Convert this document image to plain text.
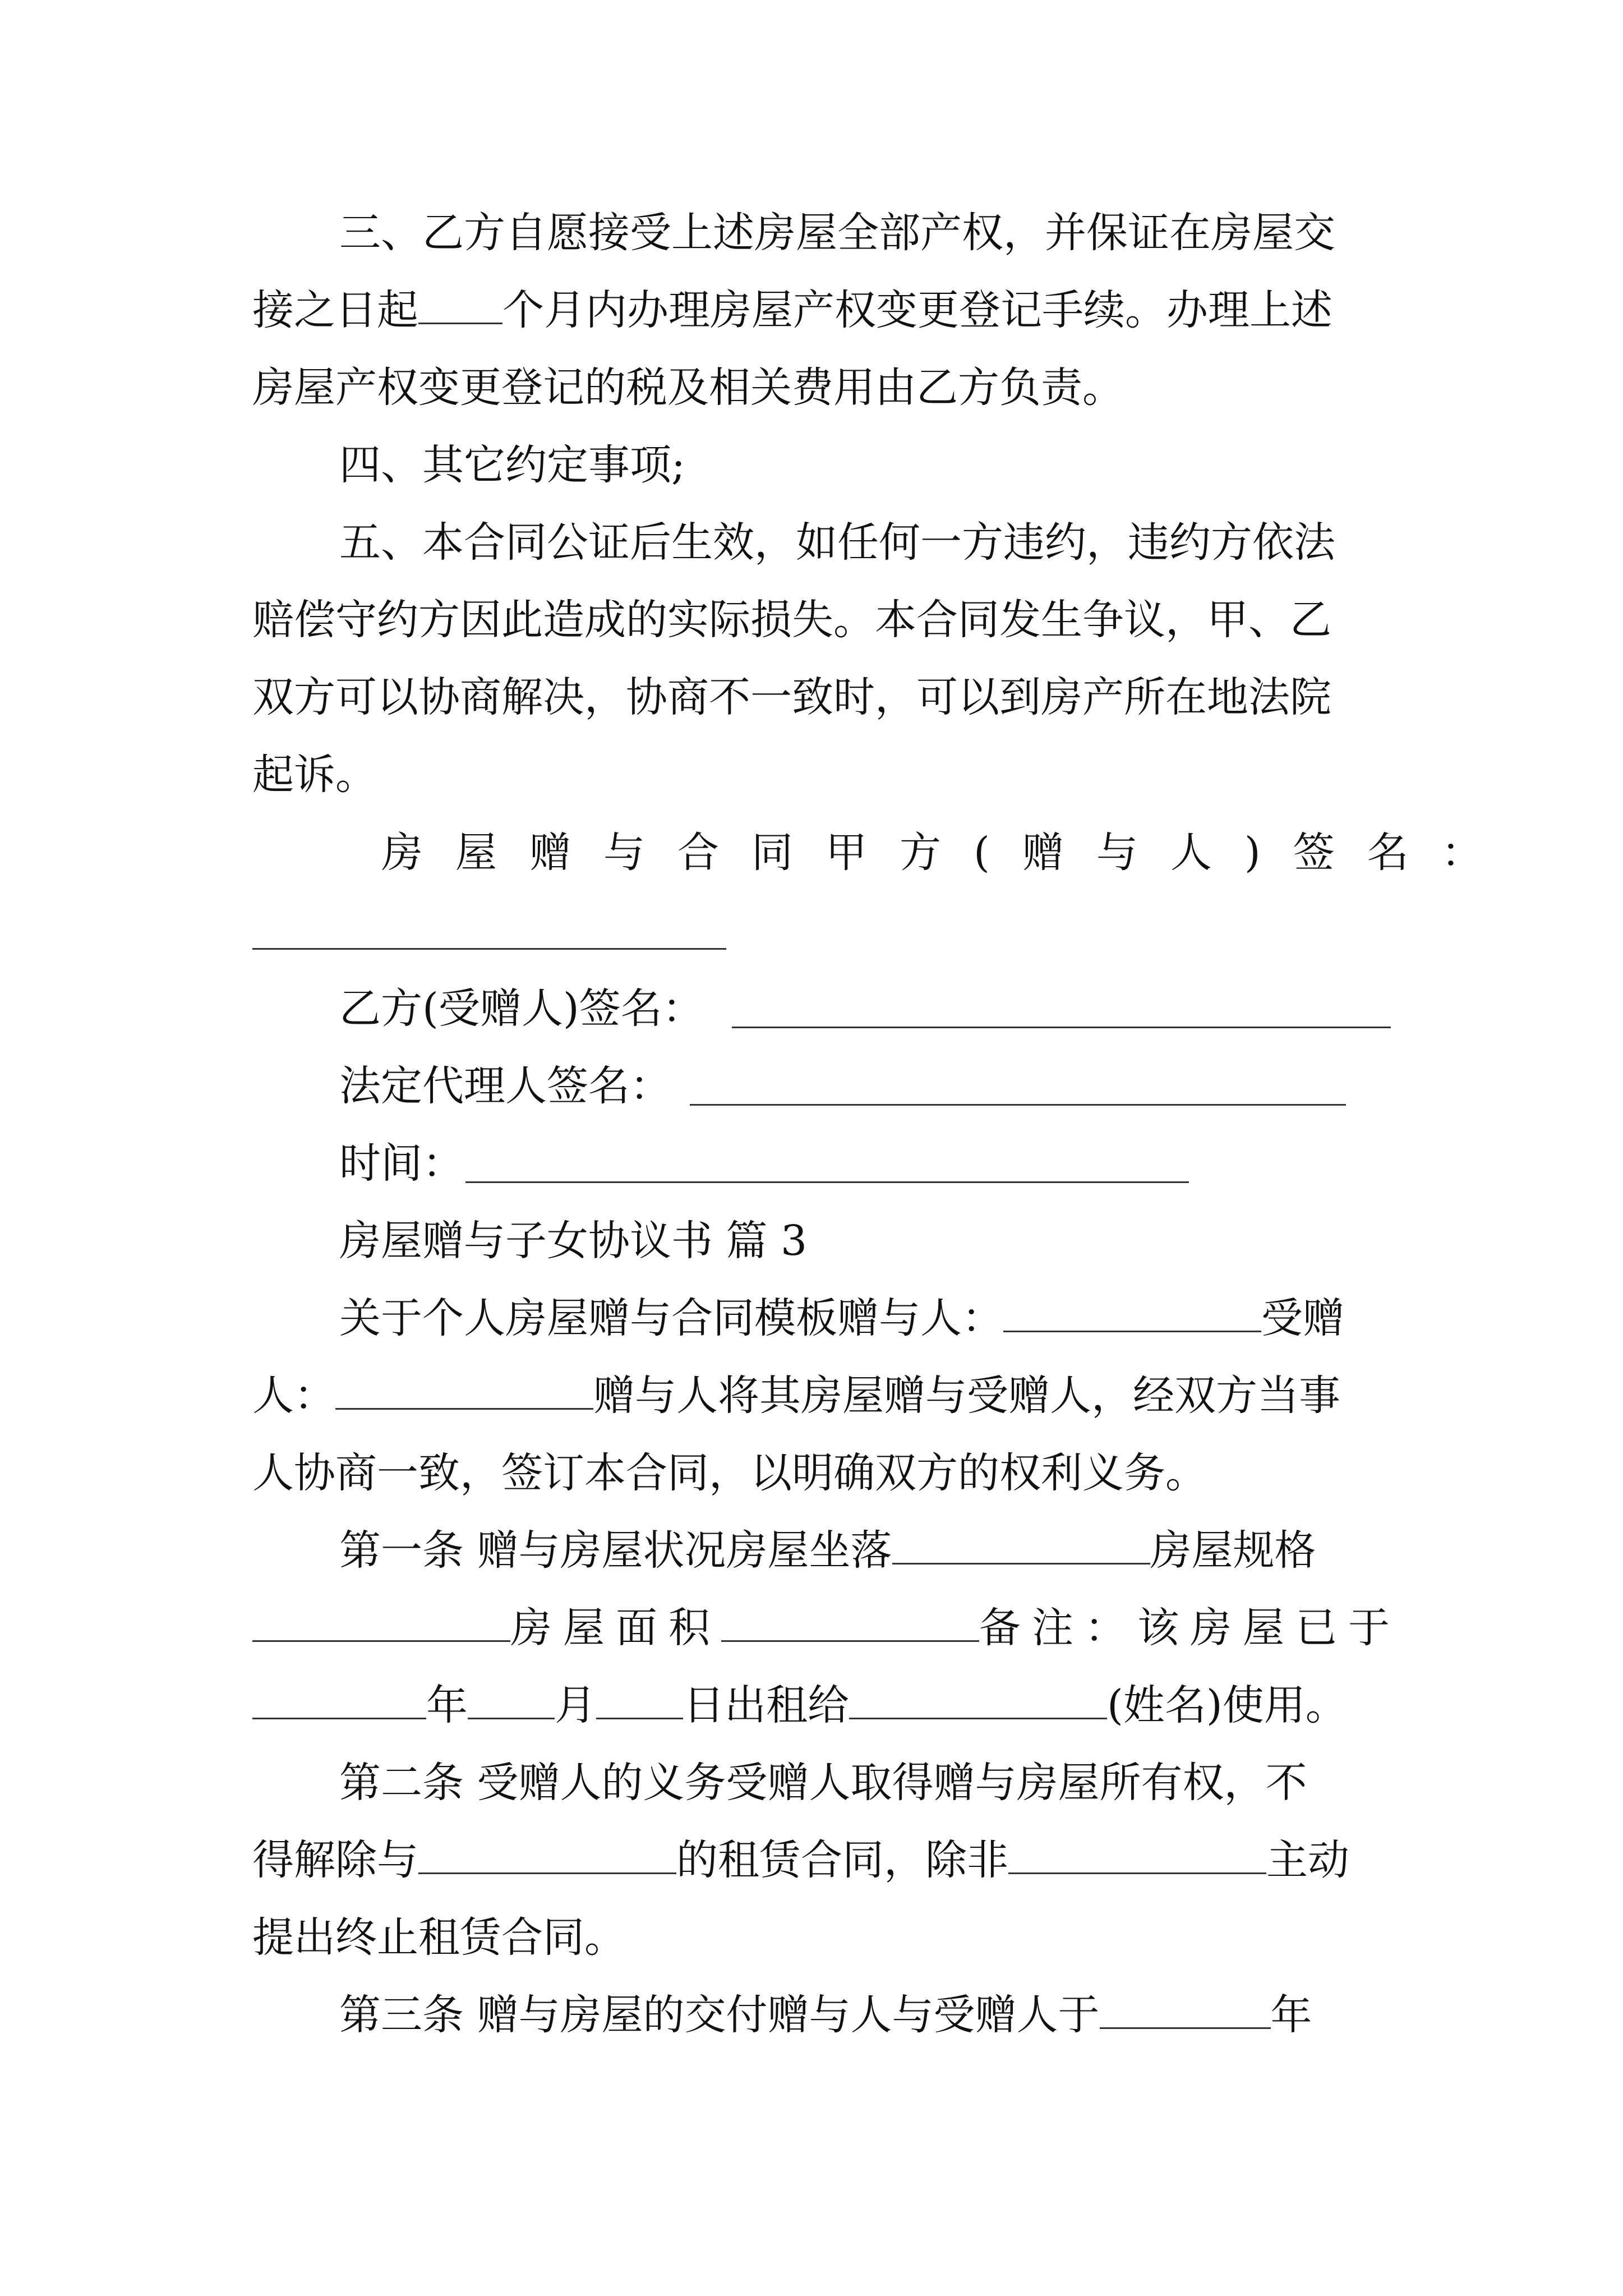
三、乙方自愿接受上述房屋全部产权，并保证在房屋交
接之日起 个月内办理房屋产权变更登记手续。办理上述
房屋产权变更登记的税及相关费用由乙方负责。
四、其它约定事项;
五、本合同公证后生效，如任何一方违约，违约方依法
赔偿守约方因此造成的实际损失。本合同发生争议，甲、乙
双方可以协商解决，协商不一致时，可以到房产所在地法院
起诉。
房屋赠与合同甲方(赠与人)签名：
乙方(受赠人)签名：
法定代理人签名：
时间：
房屋赠与子女协议书 篇 3
关于个人房屋赠与合同模板赠与人：	受赠
人：	赠与人将其房屋赠与受赠人，经双方当事
人协商一致，签订本合同，以明确双方的权利义务。
第一条 赠与房屋状况房屋坐落	房屋规格
房屋面积	备注：该房屋已于
年 月 日出租给	(姓名)使用。
第二条 受赠人的义务受赠人取得赠与房屋所有权，不
得解除与	的租赁合同，除非	主动
提出终止租赁合同。
第三条 赠与房屋的交付赠与人与受赠人于	年
